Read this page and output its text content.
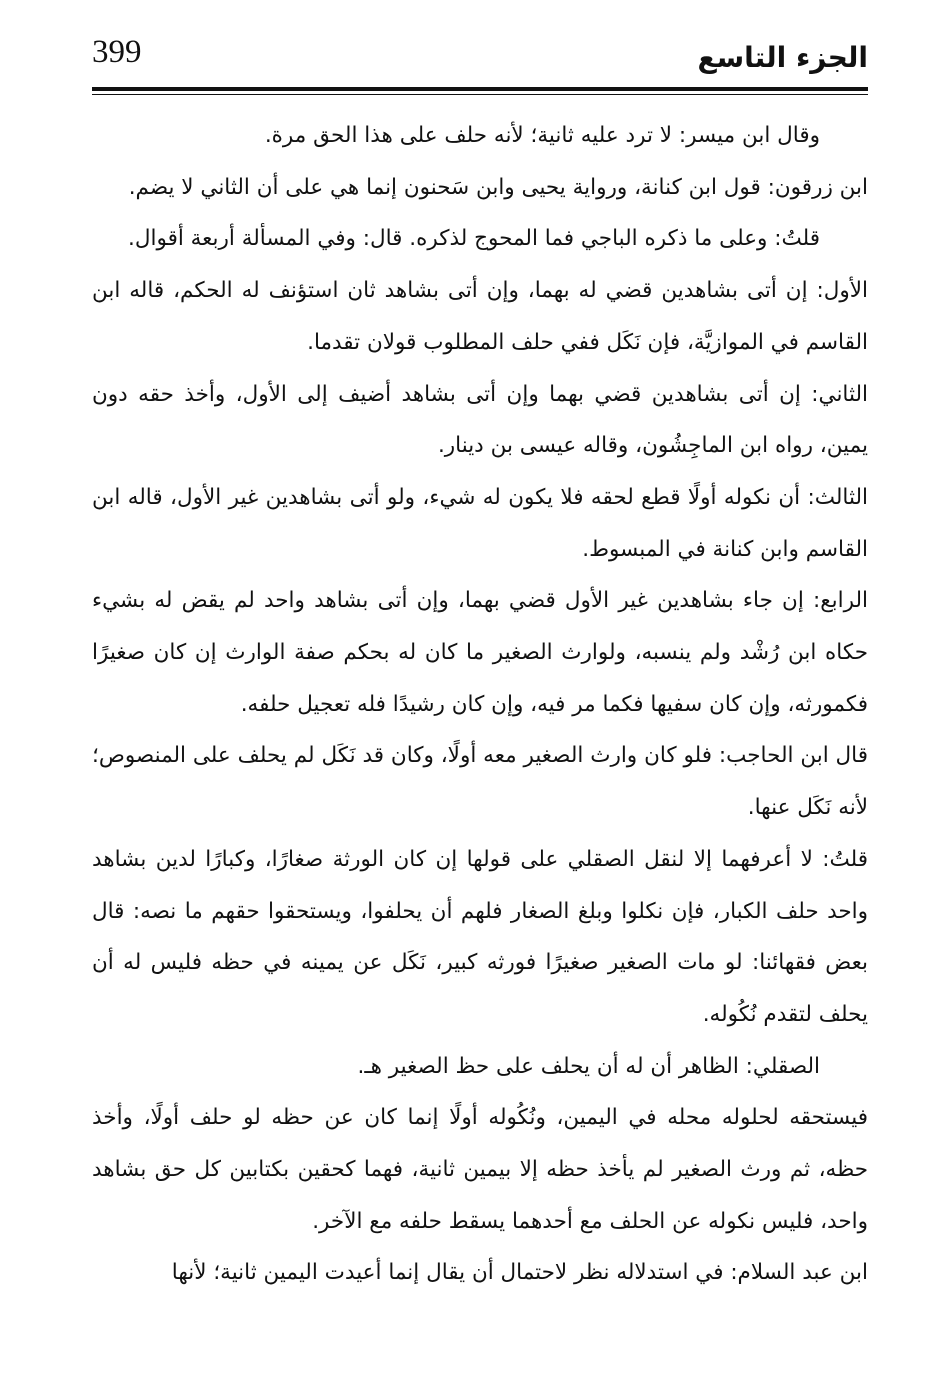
399	الجزء التاسع

وقال ابن ميسر: لا ترد عليه ثانية؛ لأنه حلف على هذا الحق مرة.

ابن زرقون: قول ابن كنانة، ورواية يحيى وابن سَحنون إنما هي على أن الثاني لا يضم.

قلتُ: وعلى ما ذكره الباجي فما المحوج لذكره. قال: وفي المسألة أربعة أقوال.

الأول: إن أتى بشاهدين قضي له بهما، وإن أتى بشاهد ثان استؤنف له الحكم، قاله ابن القاسم في الموازيَّة، فإن نَكَل ففي حلف المطلوب قولان تقدما.

الثاني: إن أتى بشاهدين قضي بهما وإن أتى بشاهد أضيف إلى الأول، وأخذ حقه دون يمين، رواه ابن الماجِشُون، وقاله عيسى بن دينار.

الثالث: أن نكوله أولًا قطع لحقه فلا يكون له شيء، ولو أتى بشاهدين غير الأول، قاله ابن القاسم وابن كنانة في المبسوط.

الرابع: إن جاء بشاهدين غير الأول قضي بهما، وإن أتى بشاهد واحد لم يقض له بشيء حكاه ابن رُشْد ولم ينسبه، ولوارث الصغير ما كان له بحكم صفة الوارث إن كان صغيرًا فكمورثه، وإن كان سفيها فكما مر فيه، وإن كان رشيدًا فله تعجيل حلفه.

قال ابن الحاجب: فلو كان وارث الصغير معه أولًا، وكان قد نَكَل لم يحلف على المنصوص؛ لأنه نَكَل عنها.

قلتُ: لا أعرفهما إلا لنقل الصقلي على قولها إن كان الورثة صغارًا، وكبارًا لدين بشاهد واحد حلف الكبار، فإن نكلوا وبلغ الصغار فلهم أن يحلفوا، ويستحقوا حقهم ما نصه: قال بعض فقهائنا: لو مات الصغير صغيرًا فورثه كبير، نَكَل عن يمينه في حظه فليس له أن يحلف لتقدم نُكُوله.

الصقلي: الظاهر أن له أن يحلف على حظ الصغير هـ.

فيستحقه لحلوله محله في اليمين، ونُكُوله أولًا إنما كان عن حظه لو حلف أولًا، وأخذ حظه، ثم ورث الصغير لم يأخذ حظه إلا بيمين ثانية، فهما كحقين بكتابين كل حق بشاهد واحد، فليس نكوله عن الحلف مع أحدهما يسقط حلفه مع الآخر.

ابن عبد السلام: في استدلاله نظر لاحتمال أن يقال إنما أعيدت اليمين ثانية؛ لأنها
